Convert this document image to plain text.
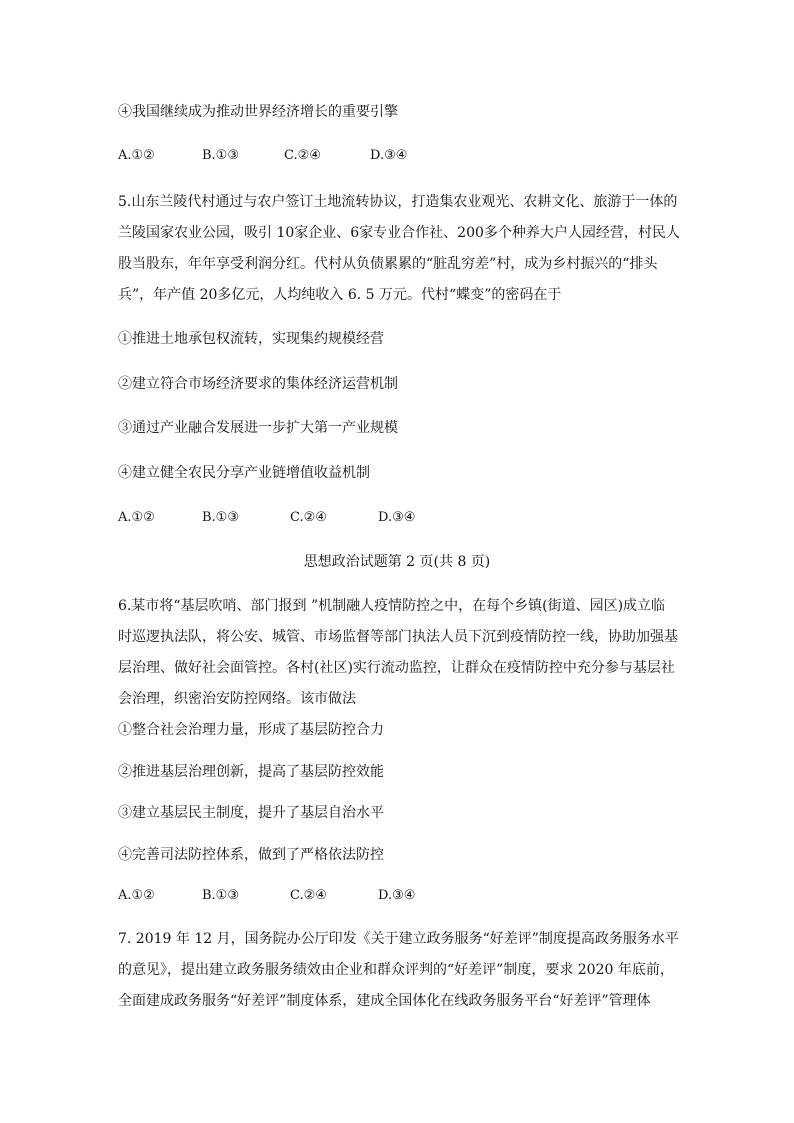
④我国继续成为推动世界经济增长的重要引擎
A.①②	B.①③	C.②④	D.③④
5.山东兰陵代村通过与农户签订土地流转协议，打造集农业观光、农耕文化、旅游于一体的
兰陵国家农业公园，吸引 10家企业、6家专业合作社、200多个种养大户人园经营，村民人
股当股东，年年享受利润分红。代村从负债累累的“脏乱穷差”村，成为乡村振兴的“排头
兵”，年产值 20多亿元，人均纯收入 6. 5 万元。代村“蝶变”的密码在于
①推进土地承包权流转，实现集约规模经营
②建立符合市场经济要求的集体经济运营机制
③通过产业融合发展进一步扩大第一产业规模
④建立健全农民分享产业链增值收益机制
A.①②	B.①③	C.②④	D.③④
思想政治试题第 2 页(共 8 页)
6.某市将“基层吹哨、部门报到 ”机制融人疫情防控之中，在每个乡镇(街道、园区)成立临
时巡逻执法队，将公安、城管、市场监督等部门执法人员下沉到疫情防控一线，协助加强基
层治理、做好社会面管控。各村(社区)实行流动监控，让群众在疫情防控中充分参与基层社
会治理，织密治安防控网络。该市做法
①整合社会治理力量，形成了基层防控合力
②推进基层治理创新，提高了基层防控效能
③建立基层民主制度，提升了基层自治水平
④完善司法防控体系，做到了严格依法防控
A.①②	B.①③	C.②④	D.③④
7. 2019 年 12 月，国务院办公厅印发《关于建立政务服务“好差评”制度提高政务服务水平
的意见》，提出建立政务服务绩效由企业和群众评判的“好差评”制度，要求 2020 年底前，
全面建成政务服务“好差评”制度体系，建成全国体化在线政务服务平台“好差评”管理体
